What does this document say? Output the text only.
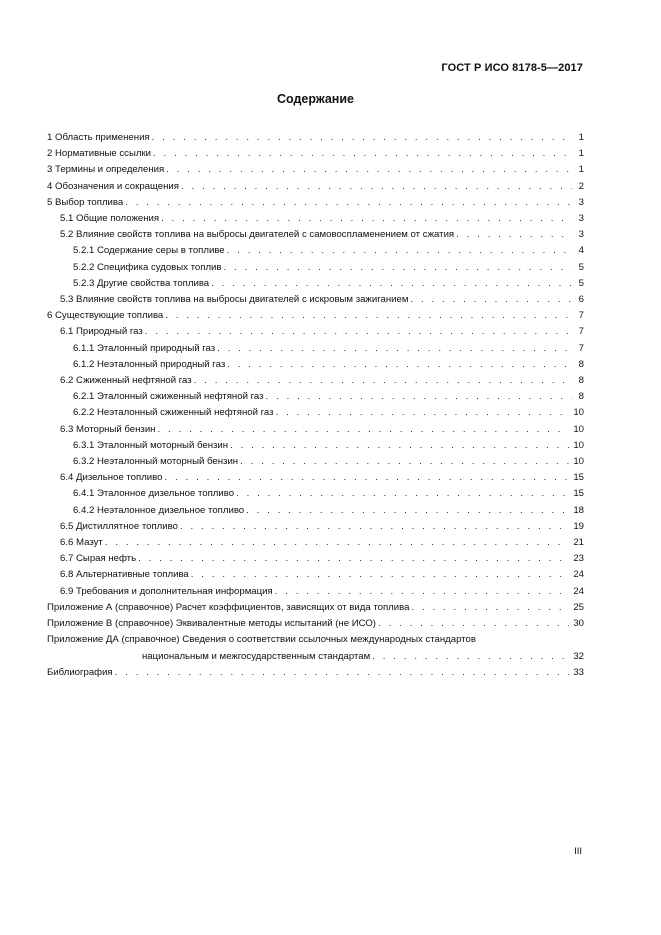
ГОСТ Р ИСО 8178-5—2017
Содержание
1 Область применения . . .	1
2 Нормативные ссылки . . .	1
3 Термины и определения . . .	1
4 Обозначения и сокращения . . .	2
5 Выбор топлива . . .	3
5.1 Общие положения . . .	3
5.2 Влияние свойств топлива на выбросы двигателей с самовоспламенением от сжатия . . .	3
5.2.1 Содержание серы в топливе . . .	4
5.2.2 Специфика судовых топлив . . .	5
5.2.3 Другие свойства топлива . . .	5
5.3 Влияние свойств топлива на выбросы двигателей с искровым зажиганием . . .	6
6 Существующие топлива . . .	7
6.1 Природный газ . . .	7
6.1.1 Эталонный природный газ . . .	7
6.1.2 Неэталонный природный газ . . .	8
6.2 Сжиженный нефтяной газ . . .	8
6.2.1 Эталонный сжиженный нефтяной газ . . .	8
6.2.2 Неэталонный сжиженный нефтяной газ . . .	10
6.3 Моторный бензин . . .	10
6.3.1 Эталонный моторный бензин . . .	10
6.3.2 Неэталонный моторный бензин . . .	10
6.4 Дизельное топливо . . .	15
6.4.1 Эталонное дизельное топливо . . .	15
6.4.2 Неэталонное дизельное топливо . . .	18
6.5 Дистиллятное топливо . . .	19
6.6 Мазут . . .	21
6.7 Сырая нефть . . .	23
6.8 Альтернативные топлива . . .	24
6.9 Требования и дополнительная информация . . .	24
Приложение А (справочное) Расчет коэффициентов, зависящих от вида топлива . . .	25
Приложение В (справочное) Эквивалентные методы испытаний (не ИСО) . . .	30
Приложение ДА (справочное) Сведения о соответствии ссылочных международных стандартов
национальным и межгосударственным стандартам . . .	32
Библиография . . .	33
III
